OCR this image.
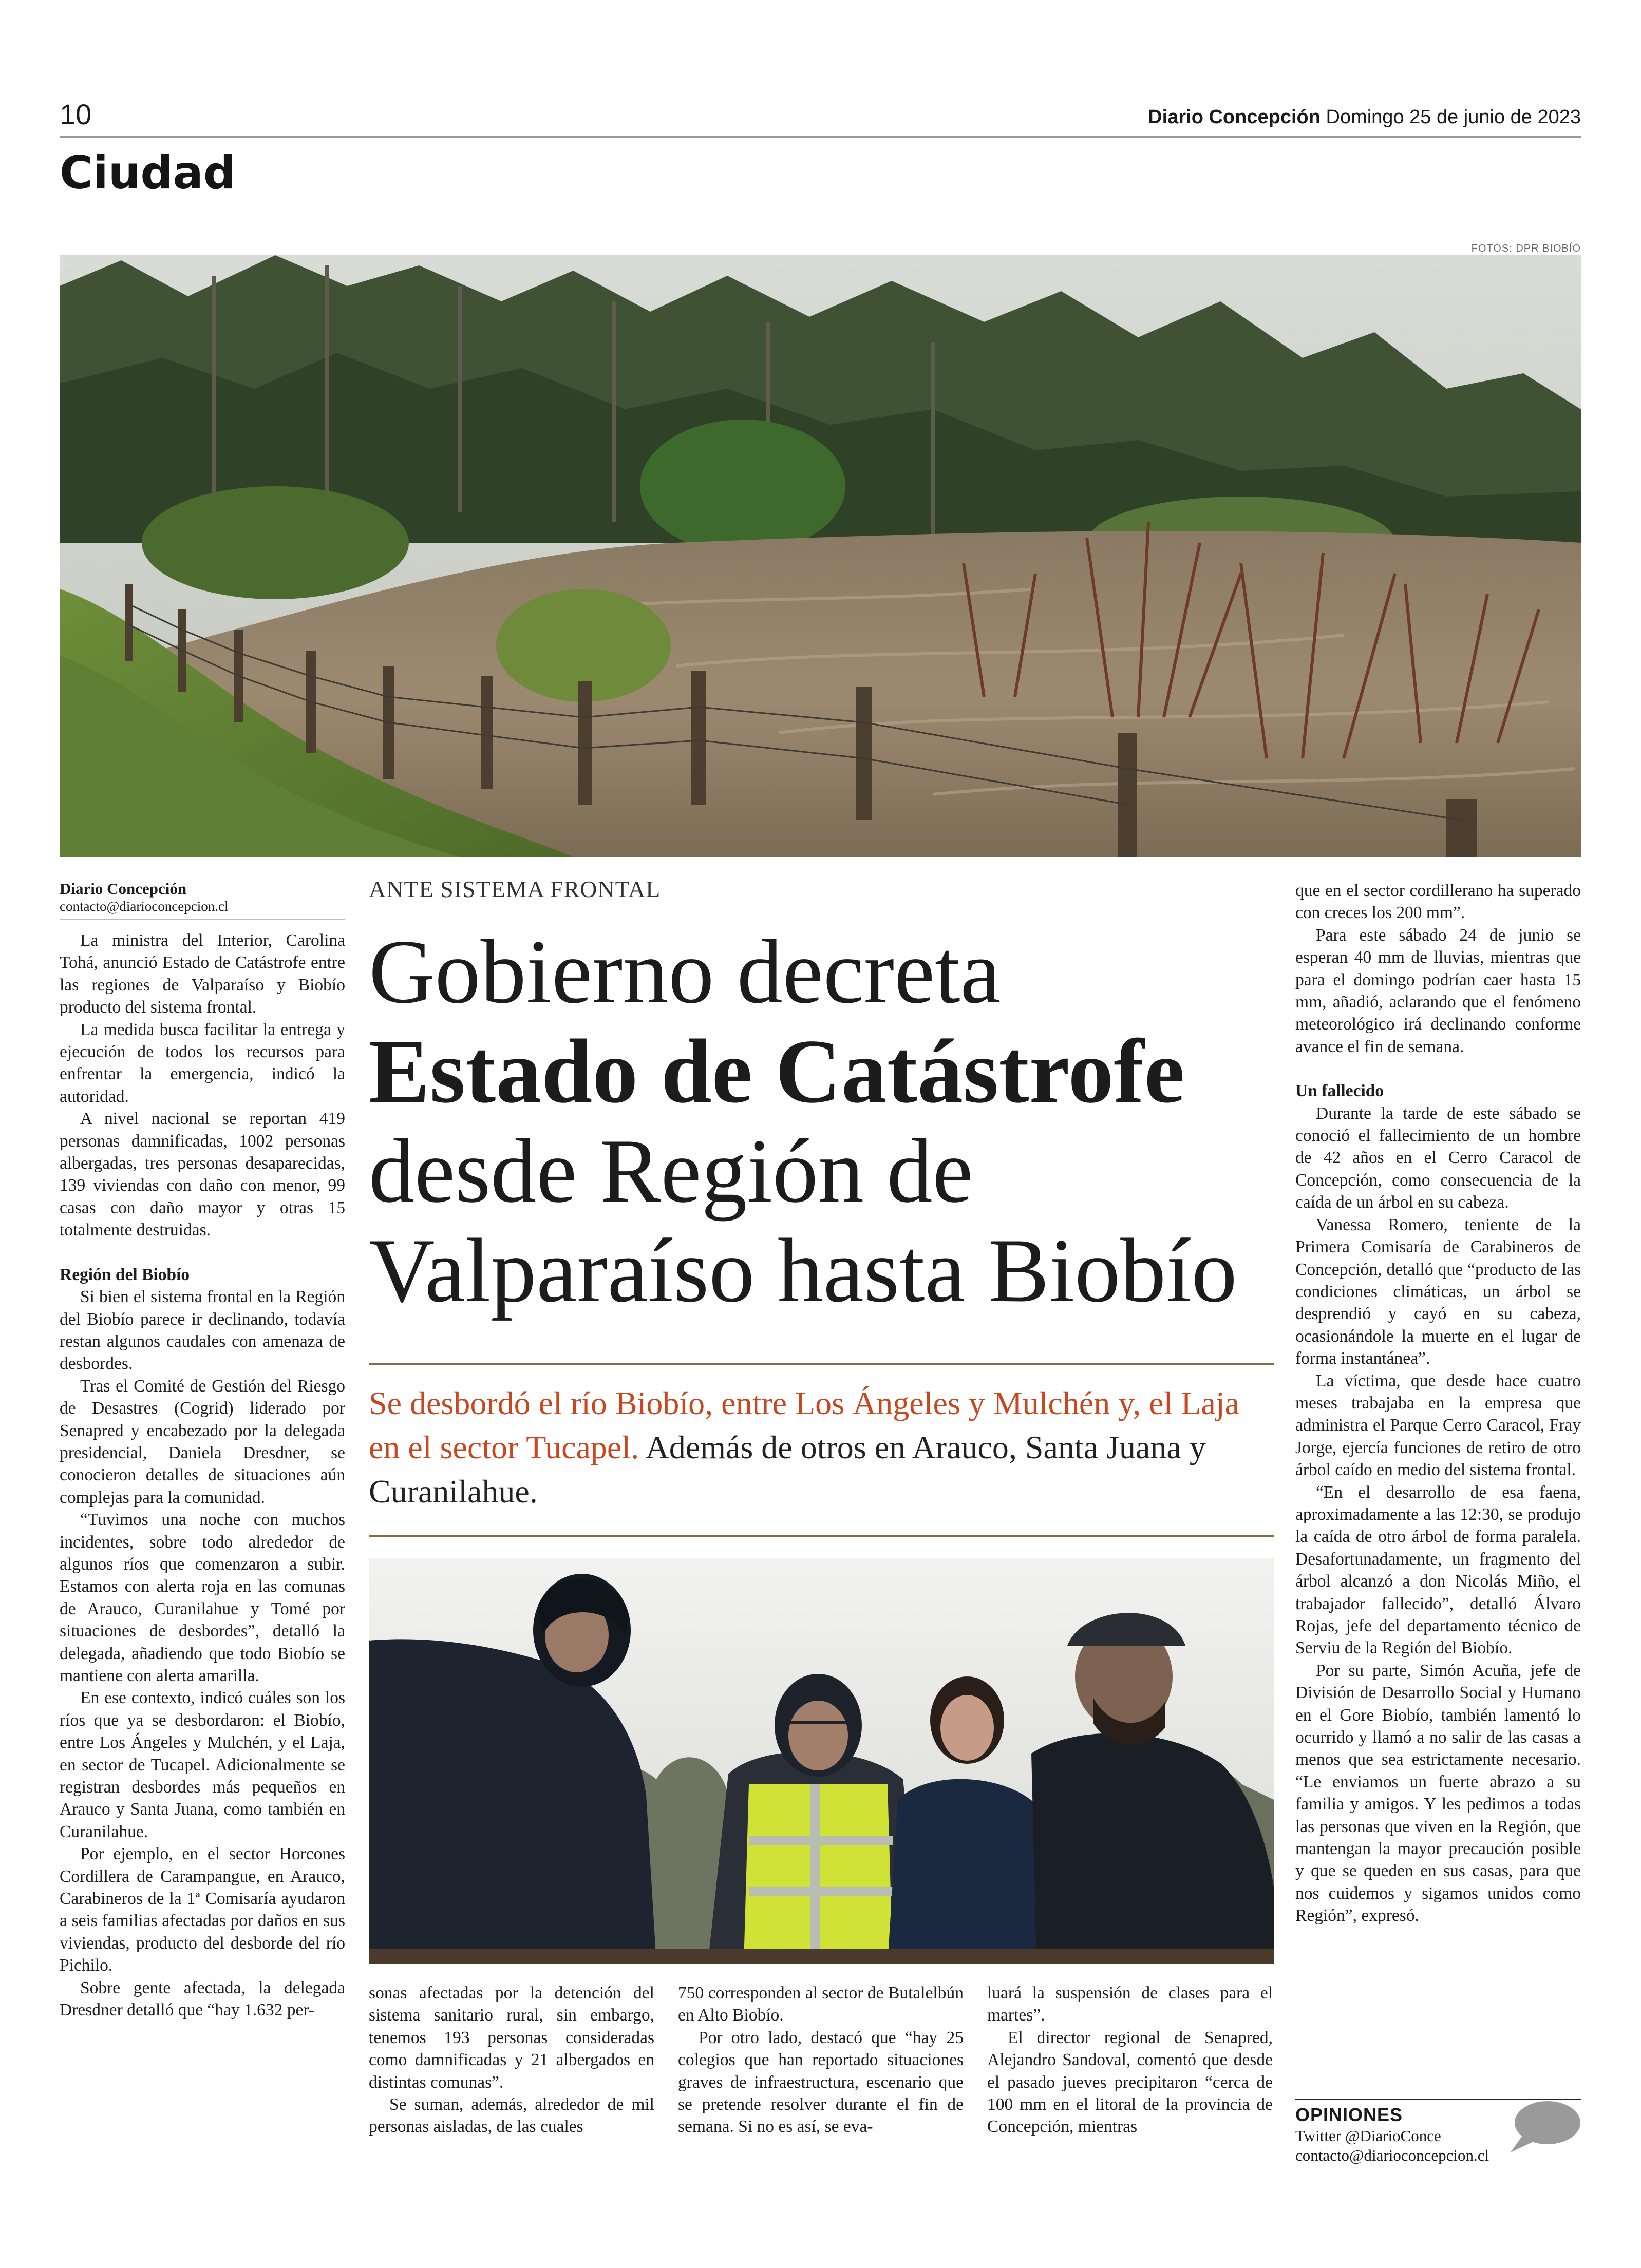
10	Diario Concepción Domingo 25 de junio de 2023
Ciudad
FOTOS: DPR BIOBÍO
Diario Concepción
contacto@diarioconcepcion.cl

La ministra del Interior, Carolina Tohá, anunció Estado de Catástrofe entre las regiones de Valparaíso y Biobío producto del sistema frontal.

La medida busca facilitar la entrega y ejecución de todos los recursos para enfrentar la emergencia, indicó la autoridad.

A nivel nacional se reportan 419 personas damnificadas, 1002 personas albergadas, tres personas desaparecidas, 139 viviendas con daño con menor, 99 casas con daño mayor y otras 15 totalmente destruidas.

Región del Biobío

Si bien el sistema frontal en la Región del Biobío parece ir declinando, todavía restan algunos caudales con amenaza de desbordes.

Tras el Comité de Gestión del Riesgo de Desastres (Cogrid) liderado por Senapred y encabezado por la delegada presidencial, Daniela Dresdner, se conocieron detalles de situaciones aún complejas para la comunidad.

“Tuvimos una noche con muchos incidentes, sobre todo alrededor de algunos ríos que comenzaron a subir. Estamos con alerta roja en las comunas de Arauco, Curanilahue y Tomé por situaciones de desbordes”, detalló la delegada, añadiendo que todo Biobío se mantiene con alerta amarilla.

En ese contexto, indicó cuáles son los ríos que ya se desbordaron: el Biobío, entre Los Ángeles y Mulchén, y el Laja, en sector de Tucapel. Adicionalmente se registran desbordes más pequeños en Arauco y Santa Juana, como también en Curanilahue.

Por ejemplo, en el sector Horcones Cordillera de Carampangue, en Arauco, Carabineros de la 1ª Comisaría ayudaron a seis familias afectadas por daños en sus viviendas, producto del desborde del río Pichilo.

Sobre gente afectada, la delegada Dresdner detalló que “hay 1.632 per-

ANTE SISTEMA FRONTAL
Gobierno decreta
Estado de Catástrofe
desde Región de
Valparaíso hasta Biobío
Se desbordó el río Biobío, entre Los Ángeles y Mulchén y, el Laja en el sector Tucapel. Además de otros en Arauco, Santa Juana y Curanilahue.

sonas afectadas por la detención del sistema sanitario rural, sin embargo, tenemos 193 personas consideradas como damnificadas y 21 albergados en distintas comunas”.

Se suman, además, alrededor de mil personas aisladas, de las cuales

750 corresponden al sector de Butalelbún en Alto Biobío.

Por otro lado, destacó que “hay 25 colegios que han reportado situaciones graves de infraestructura, escenario que se pretende resolver durante el fin de semana. Si no es así, se eva-

luará la suspensión de clases para el martes”.

El director regional de Senapred, Alejandro Sandoval, comentó que desde el pasado jueves precipitaron “cerca de 100 mm en el litoral de la provincia de Concepción, mientras

que en el sector cordillerano ha superado con creces los 200 mm”.

Para este sábado 24 de junio se esperan 40 mm de lluvias, mientras que para el domingo podrían caer hasta 15 mm, añadió, aclarando que el fenómeno meteorológico irá declinando conforme avance el fin de semana.

Un fallecido

Durante la tarde de este sábado se conoció el fallecimiento de un hombre de 42 años en el Cerro Caracol de Concepción, como consecuencia de la caída de un árbol en su cabeza.

Vanessa Romero, teniente de la Primera Comisaría de Carabineros de Concepción, detalló que “producto de las condiciones climáticas, un árbol se desprendió y cayó en su cabeza, ocasionándole la muerte en el lugar de forma instantánea”.

La víctima, que desde hace cuatro meses trabajaba en la empresa que administra el Parque Cerro Caracol, Fray Jorge, ejercía funciones de retiro de otro árbol caído en medio del sistema frontal.

“En el desarrollo de esa faena, aproximadamente a las 12:30, se produjo la caída de otro árbol de forma paralela. Desafortunadamente, un fragmento del árbol alcanzó a don Nicolás Miño, el trabajador fallecido”, detalló Álvaro Rojas, jefe del departamento técnico de Serviu de la Región del Biobío.

Por su parte, Simón Acuña, jefe de División de Desarrollo Social y Humano en el Gore Biobío, también lamentó lo ocurrido y llamó a no salir de las casas a menos que sea estrictamente necesario. “Le enviamos un fuerte abrazo a su familia y amigos. Y les pedimos a todas las personas que viven en la Región, que mantengan la mayor precaución posible y que se queden en sus casas, para que nos cuidemos y sigamos unidos como Región”, expresó.

OPINIONES
Twitter @DiarioConce
contacto@diarioconcepcion.cl
